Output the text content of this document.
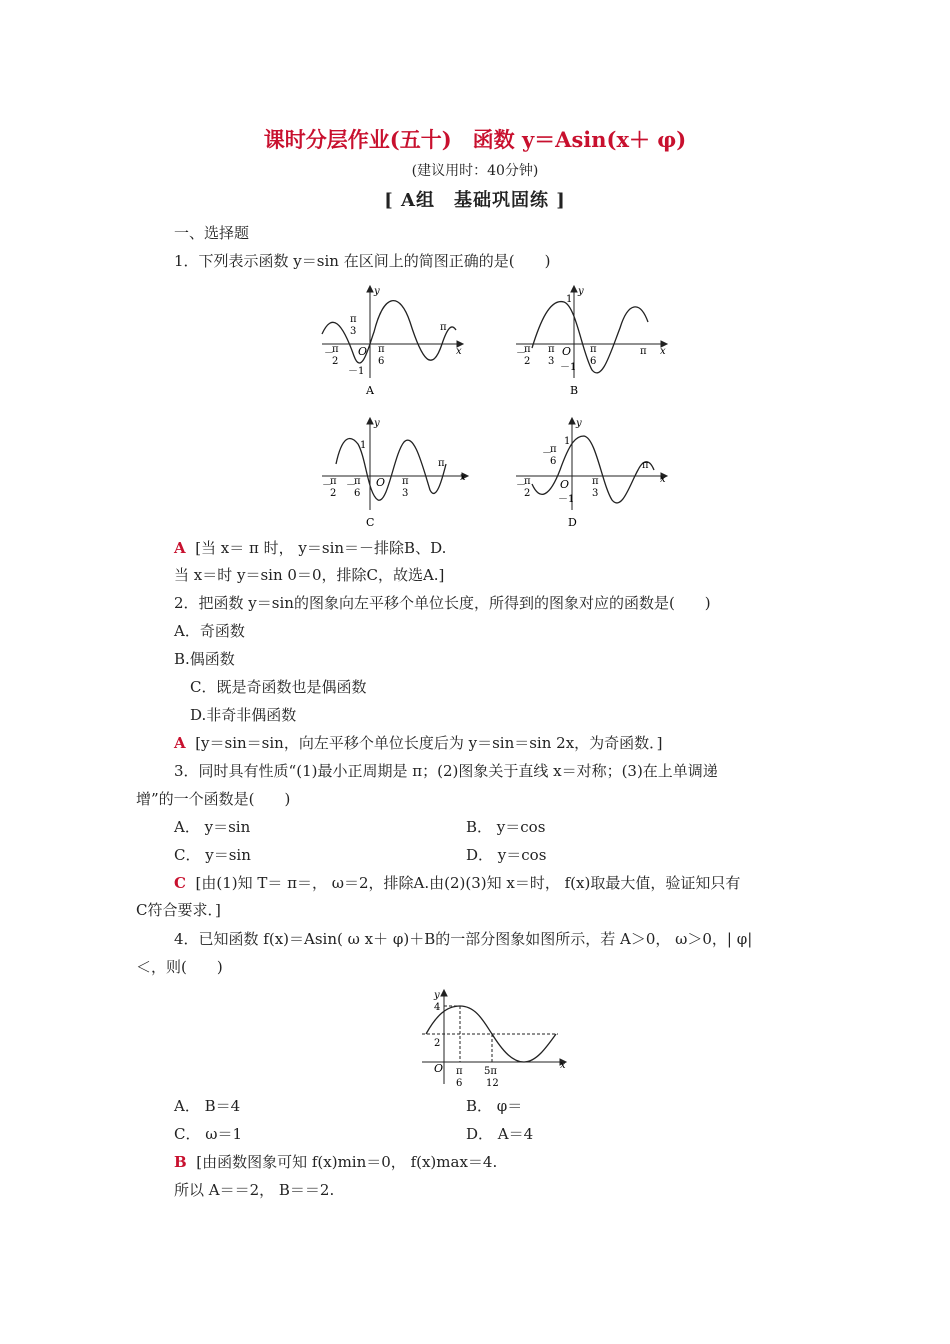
课时分层作业(五十)　函数 y＝Asin(x＋ φ)
(建议用时：40分钟)
[ A组　基础巩固练 ]
一、选择题
1．下列表示函数 y＝sin 在区间上的简图正确的是(　　)
y
x
O
－1
π
－
π
2
π
3
π
6
A
y
x
1
O
－1
π
－
π
2
π
3
π
6
B
y
x
1
O
π
－
π
2
－
π
6
π
3
C
y
x
1
O
－1
π
－
π
2
－
π
6
π
3
D
A [当 x＝ π 时， y＝sin＝－排除B、D.
当 x＝时 y＝sin 0＝0，排除C，故选A.]
2．把函数 y＝sin的图象向左平移个单位长度，所得到的图象对应的函数是(　　)
A．奇函数
B.偶函数
C．既是奇函数也是偶函数
D.非奇非偶函数
A [y＝sin＝sin，向左平移个单位长度后为 y＝sin＝sin 2x，为奇函数．]
3．同时具有性质“(1)最小正周期是 π；(2)图象关于直线 x＝对称；(3)在上单调递
增”的一个函数是(　　)
A． y＝sin	B． y＝cos
C． y＝sin	D． y＝cos
C [由(1)知 T＝ π＝， ω＝2，排除A.由(2)(3)知 x＝时， f(x)取最大值，验证知只有
C符合要求．]
4．已知函数 f(x)＝Asin( ω x＋ φ)＋B的一部分图象如图所示，若 A＞0， ω＞0，| φ|
＜，则(　　)
y
x
4
2
O π
6
5π
12
A． B＝4	B． φ＝
C． ω＝1	D． A＝4
B [由函数图象可知 f(x)min＝0， f(x)max＝4.
所以 A＝＝2， B＝＝2.
